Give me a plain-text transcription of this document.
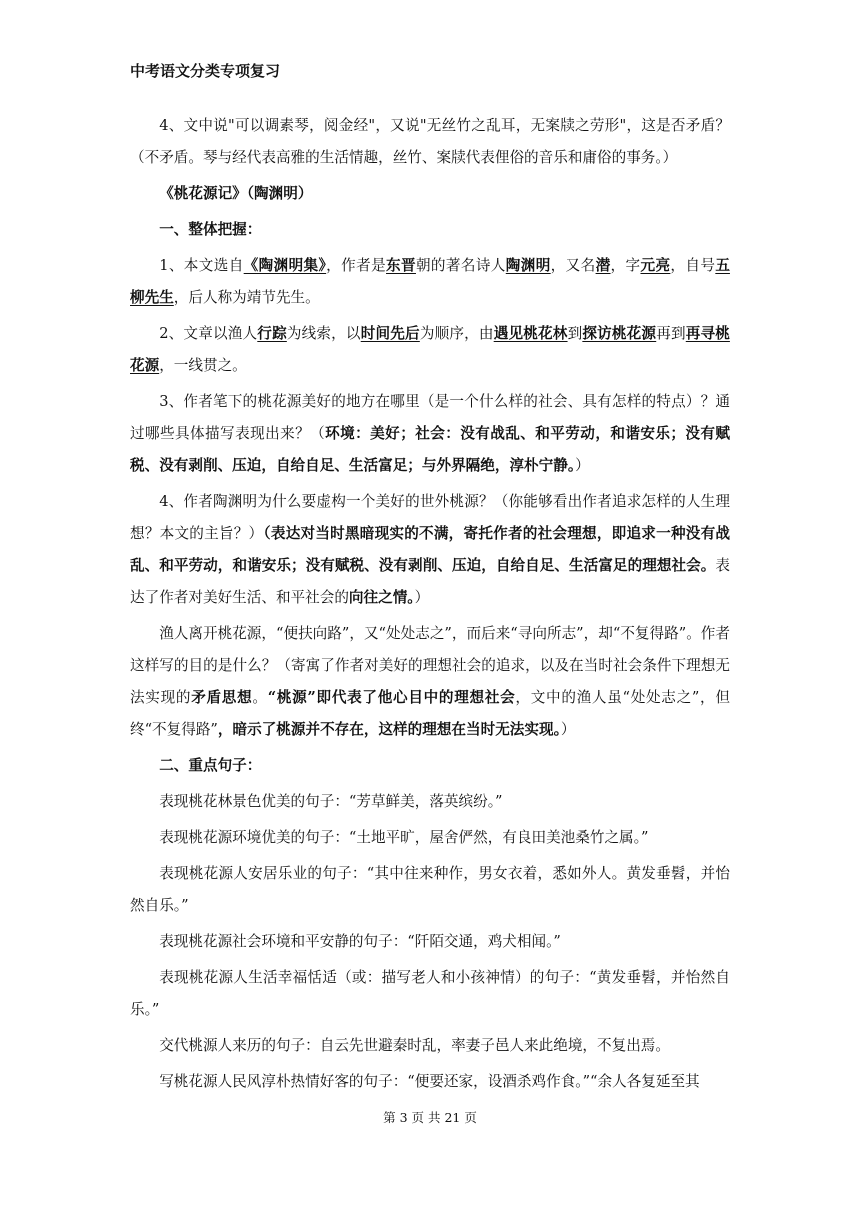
中考语文分类专项复习

4、文中说"可以调素琴，阅金经"，又说"无丝竹之乱耳，无案牍之劳形"，这是否矛盾？（不矛盾。琴与经代表高雅的生活情趣，丝竹、案牍代表俚俗的音乐和庸俗的事务。）

《桃花源记》（陶渊明）

一、整体把握：

1、本文选自《陶渊明集》，作者是东晋朝的著名诗人陶渊明，又名潜，字元亮，自号五柳先生，后人称为靖节先生。

2、文章以渔人行踪为线索，以时间先后为顺序，由遇见桃花林到探访桃花源再到再寻桃花源，一线贯之。

3、作者笔下的桃花源美好的地方在哪里（是一个什么样的社会、具有怎样的特点）？通过哪些具体描写表现出来？（环境：美好；社会：没有战乱、和平劳动，和谐安乐；没有赋税、没有剥削、压迫，自给自足、生活富足；与外界隔绝，淳朴宁静。）

4、作者陶渊明为什么要虚构一个美好的世外桃源？（你能够看出作者追求怎样的人生理想？本文的主旨？）（表达对当时黑暗现实的不满，寄托作者的社会理想，即追求一种没有战乱、和平劳动，和谐安乐；没有赋税、没有剥削、压迫，自给自足、生活富足的理想社会。表达了作者对美好生活、和平社会的向往之情。）

渔人离开桃花源，“便扶向路”，又“处处志之”，而后来“寻向所志”，却“不复得路”。作者这样写的目的是什么？（寄寓了作者对美好的理想社会的追求，以及在当时社会条件下理想无法实现的矛盾思想。“桃源”即代表了他心目中的理想社会，文中的渔人虽“处处志之”，但终“不复得路”，暗示了桃源并不存在，这样的理想在当时无法实现。）

二、重点句子：

表现桃花林景色优美的句子：“芳草鲜美，落英缤纷。”

表现桃花源环境优美的句子：“土地平旷，屋舍俨然，有良田美池桑竹之属。”

表现桃花源人安居乐业的句子：“其中往来种作，男女衣着，悉如外人。黄发垂髫，并怡然自乐。”

表现桃花源社会环境和平安静的句子：“阡陌交通，鸡犬相闻。”

表现桃花源人生活幸福恬适（或：描写老人和小孩神情）的句子：“黄发垂髫，并怡然自乐。”

交代桃源人来历的句子：自云先世避秦时乱，率妻子邑人来此绝境，不复出焉。

写桃花源人民风淳朴热情好客的句子：“便要还家，设酒杀鸡作食。”“余人各复延至其

第 3 页 共 21 页
